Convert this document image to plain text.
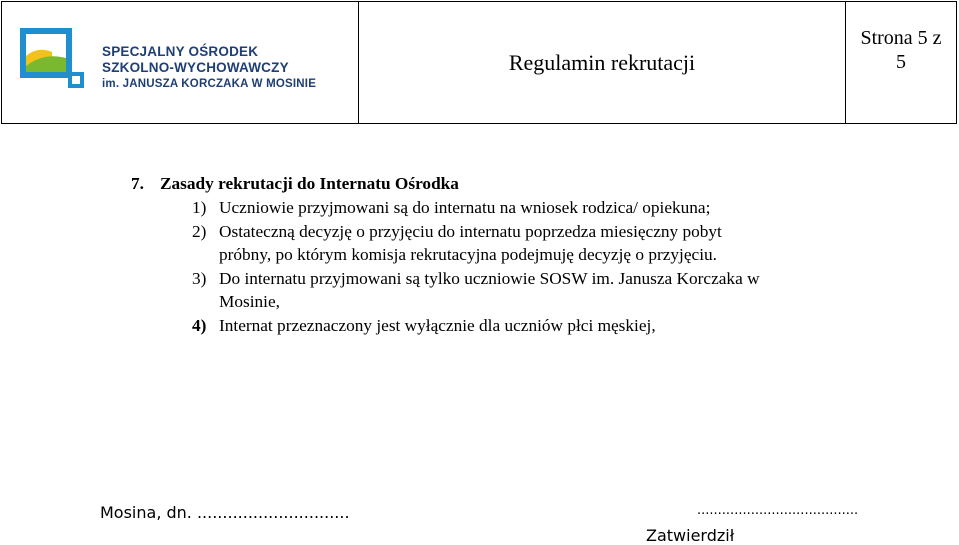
SPECJALNY OŚRODEK
SZKOLNO-WYCHOWAWCZY
im. JANUSZA KORCZAKA W MOSINIE
Regulamin rekrutacji
Strona 5 z
5
7. Zasady rekrutacji do Internatu Ośrodka
1) Uczniowie przyjmowani są do internatu na wniosek rodzica/ opiekuna;
2) Ostateczną decyzję o przyjęciu do internatu poprzedza miesięczny pobyt
próbny, po którym komisja rekrutacyjna podejmuję decyzję o przyjęciu.
3) Do internatu przyjmowani są tylko uczniowie SOSW im. Janusza Korczaka w
Mosinie,
4) Internat przeznaczony jest wyłącznie dla uczniów płci męskiej,
Mosina, dn. ..............................	.......................................
Zatwierdził
